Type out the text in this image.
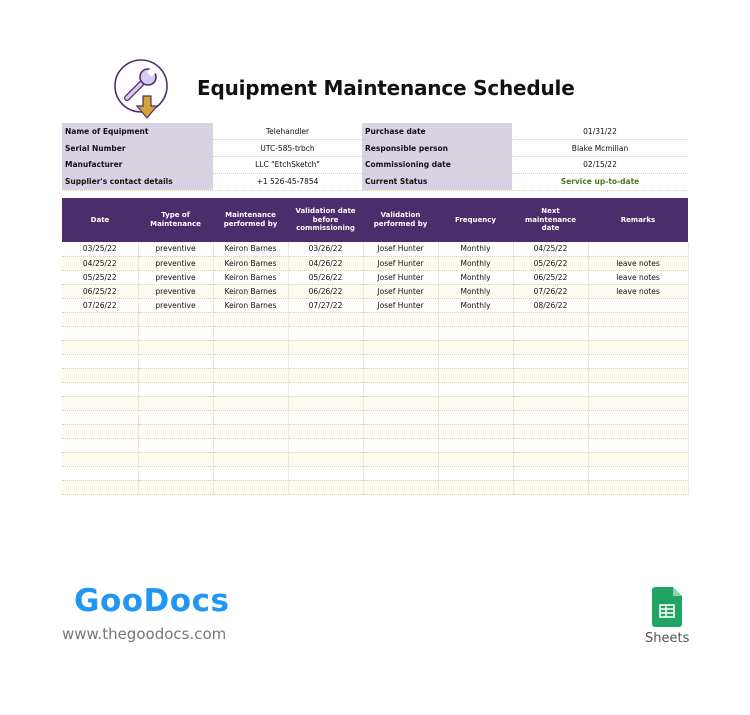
Equipment Maintenance Schedule
Name of Equipment	Telehandler	Purchase date	01/31/22
Serial Number	UTC-585-trbch	Responsible person	Blake Mcmillan
Manufacturer	LLC "EtchSketch"	Commissioning date	02/15/22
Supplier's contact details	+1 526-45-7854	Current Status	Service up-to-date
Date	Type of Maintenance	Maintenance performed by	Validation date before commissioning	Validation performed by	Frequency	Next maintenance date	Remarks
03/25/22	preventive	Keiron Barnes	03/26/22	Josef Hunter	Monthly	04/25/22	
04/25/22	preventive	Keiron Barnes	04/26/22	Josef Hunter	Monthly	05/26/22	leave notes
05/25/22	preventive	Keiron Barnes	05/26/22	Josef Hunter	Monthly	06/25/22	leave notes
06/25/22	preventive	Keiron Barnes	06/26/22	Josef Hunter	Monthly	07/26/22	leave notes
07/26/22	preventive	Keiron Barnes	07/27/22	Josef Hunter	Monthly	08/26/22	

GooDocs
www.thegoodocs.com	Sheets
